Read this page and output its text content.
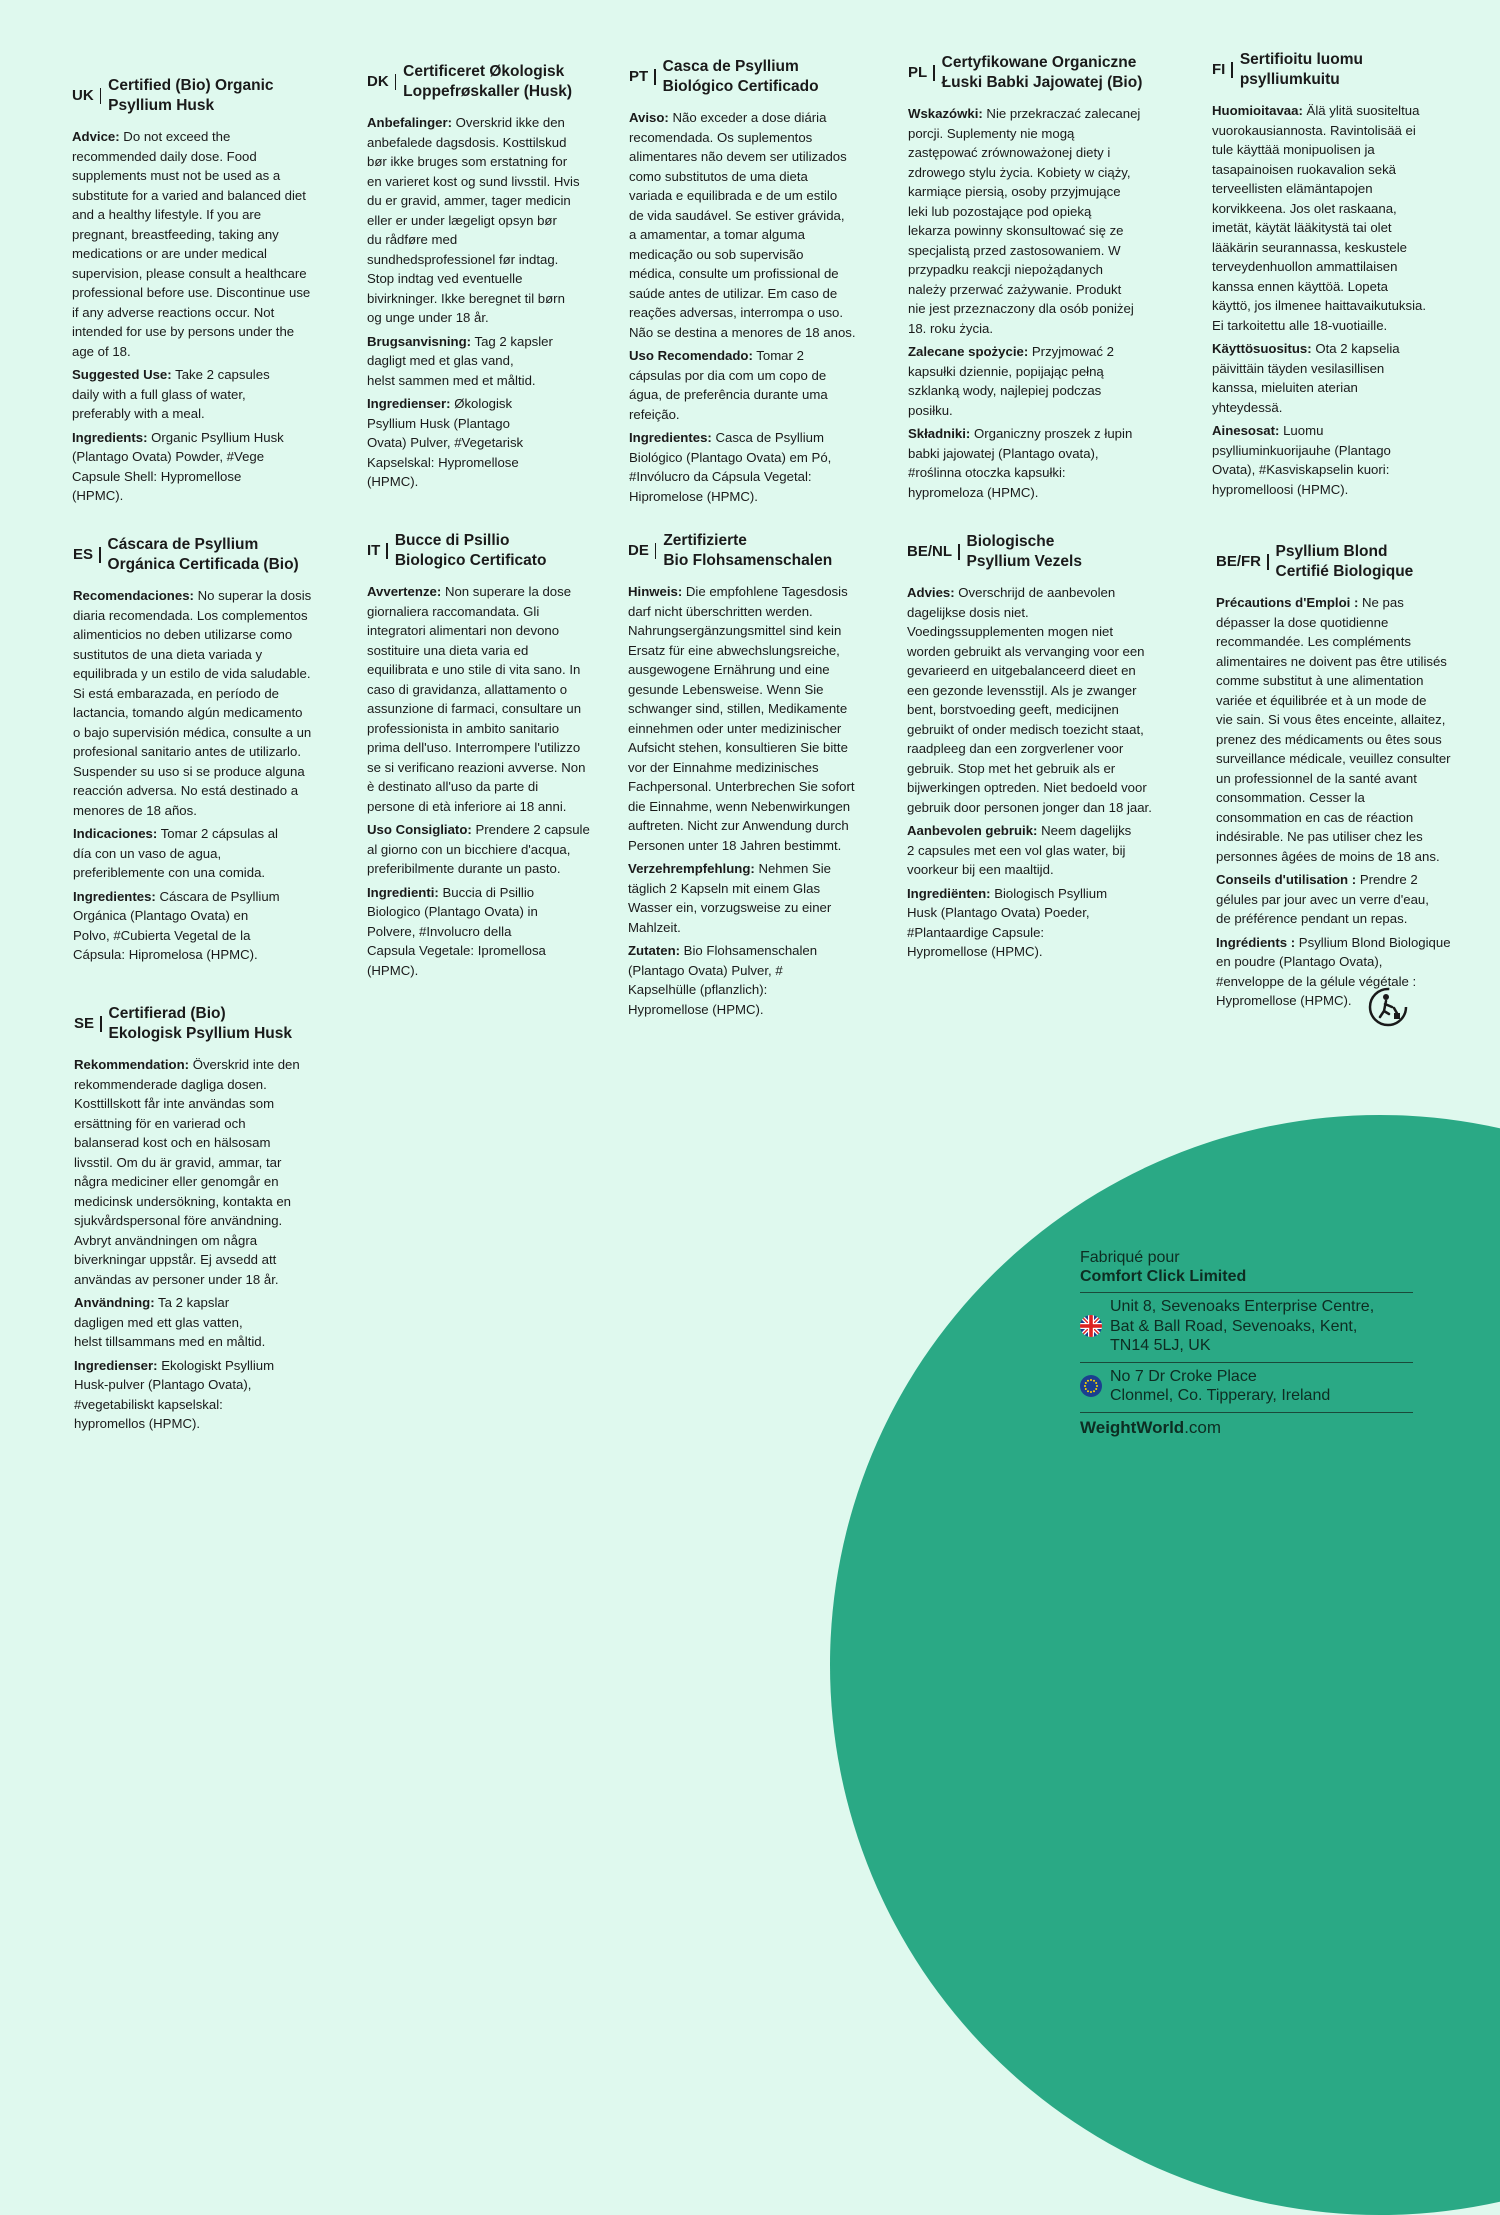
UK
Certified (Bio) Organic
Psyllium Husk
Advice: Do not exceed the
recommended daily dose. Food
supplements must not be used as a
substitute for a varied and balanced diet
and a healthy lifestyle. If you are
pregnant, breastfeeding, taking any
medications or are under medical
supervision, please consult a healthcare
professional before use. Discontinue use
if any adverse reactions occur. Not
intended for use by persons under the
age of 18.
Suggested Use: Take 2 capsules
daily with a full glass of water,
preferably with a meal.
Ingredients: Organic Psyllium Husk
(Plantago Ovata) Powder, #Vege
Capsule Shell: Hypromellose
(HPMC).
DK
Certificeret Økologisk
Loppefrøskaller (Husk)
Anbefalinger: Overskrid ikke den
anbefalede dagsdosis. Kosttilskud
bør ikke bruges som erstatning for
en varieret kost og sund livsstil. Hvis
du er gravid, ammer, tager medicin
eller er under lægeligt opsyn bør
du rådføre med
sundhedsprofessionel før indtag.
Stop indtag ved eventuelle
bivirkninger. Ikke beregnet til børn
og unge under 18 år.
Brugsanvisning: Tag 2 kapsler
dagligt med et glas vand,
helst sammen med et måltid.
Ingredienser: Økologisk
Psyllium Husk (Plantago
Ovata) Pulver, #Vegetarisk
Kapselskal: Hypromellose
(HPMC).
PT
Casca de Psyllium
Biológico Certificado
Aviso: Não exceder a dose diária
recomendada. Os suplementos
alimentares não devem ser utilizados
como substitutos de uma dieta
variada e equilibrada e de um estilo
de vida saudável. Se estiver grávida,
a amamentar, a tomar alguma
medicação ou sob supervisão
médica, consulte um profissional de
saúde antes de utilizar. Em caso de
reações adversas, interrompa o uso.
Não se destina a menores de 18 anos.
Uso Recomendado: Tomar 2
cápsulas por dia com um copo de
água, de preferência durante uma
refeição.
Ingredientes: Casca de Psyllium
Biológico (Plantago Ovata) em Pó,
#Invólucro da Cápsula Vegetal:
Hipromelose (HPMC).
PL
Certyfikowane Organiczne
Łuski Babki Jajowatej (Bio)
Wskazówki: Nie przekraczać zalecanej
porcji. Suplementy nie mogą
zastępować zrównoważonej diety i
zdrowego stylu życia. Kobiety w ciąży,
karmiące piersią, osoby przyjmujące
leki lub pozostające pod opieką
lekarza powinny skonsultować się ze
specjalistą przed zastosowaniem. W
przypadku reakcji niepożądanych
należy przerwać zażywanie. Produkt
nie jest przeznaczony dla osób poniżej
18. roku życia.
Zalecane spożycie: Przyjmować 2
kapsułki dziennie, popijając pełną
szklanką wody, najlepiej podczas
posiłku.
Składniki: Organiczny proszek z łupin
babki jajowatej (Plantago ovata),
#roślinna otoczka kapsułki:
hypromeloza (HPMC).
FI
Sertifioitu luomu
psylliumkuitu
Huomioitavaa: Älä ylitä suositeltua
vuorokausiannosta. Ravintolisää ei
tule käyttää monipuolisen ja
tasapainoisen ruokavalion sekä
terveellisten elämäntapojen
korvikkeena. Jos olet raskaana,
imetät, käytät lääkitystä tai olet
lääkärin seurannassa, keskustele
terveydenhuollon ammattilaisen
kanssa ennen käyttöä. Lopeta
käyttö, jos ilmenee haittavaikutuksia.
Ei tarkoitettu alle 18-vuotiaille.
Käyttösuositus: Ota 2 kapselia
päivittäin täyden vesilasillisen
kanssa, mieluiten aterian
yhteydessä.
Ainesosat: Luomu
psylliuminkuorijauhe (Plantago
Ovata), #Kasviskapselin kuori:
hypromelloosi (HPMC).
ES
Cáscara de Psyllium
Orgánica Certificada (Bio)
Recomendaciones: No superar la dosis
diaria recomendada. Los complementos
alimenticios no deben utilizarse como
sustitutos de una dieta variada y
equilibrada y un estilo de vida saludable.
Si está embarazada, en período de
lactancia, tomando algún medicamento
o bajo supervisión médica, consulte a un
profesional sanitario antes de utilizarlo.
Suspender su uso si se produce alguna
reacción adversa. No está destinado a
menores de 18 años.
Indicaciones: Tomar 2 cápsulas al
día con un vaso de agua,
preferiblemente con una comida.
Ingredientes: Cáscara de Psyllium
Orgánica (Plantago Ovata) en
Polvo, #Cubierta Vegetal de la
Cápsula: Hipromelosa (HPMC).
IT
Bucce di Psillio
Biologico Certificato
Avvertenze: Non superare la dose
giornaliera raccomandata. Gli
integratori alimentari non devono
sostituire una dieta varia ed
equilibrata e uno stile di vita sano. In
caso di gravidanza, allattamento o
assunzione di farmaci, consultare un
professionista in ambito sanitario
prima dell'uso. Interrompere l'utilizzo
se si verificano reazioni avverse. Non
è destinato all'uso da parte di
persone di età inferiore ai 18 anni.
Uso Consigliato: Prendere 2 capsule
al giorno con un bicchiere d'acqua,
preferibilmente durante un pasto.
Ingredienti: Buccia di Psillio
Biologico (Plantago Ovata) in
Polvere, #Involucro della
Capsula Vegetale: Ipromellosa
(HPMC).
DE
Zertifizierte
Bio Flohsamenschalen
Hinweis: Die empfohlene Tagesdosis
darf nicht überschritten werden.
Nahrungsergänzungsmittel sind kein
Ersatz für eine abwechslungsreiche,
ausgewogene Ernährung und eine
gesunde Lebensweise. Wenn Sie
schwanger sind, stillen, Medikamente
einnehmen oder unter medizinischer
Aufsicht stehen, konsultieren Sie bitte
vor der Einnahme medizinisches
Fachpersonal. Unterbrechen Sie sofort
die Einnahme, wenn Nebenwirkungen
auftreten. Nicht zur Anwendung durch
Personen unter 18 Jahren bestimmt.
Verzehrempfehlung: Nehmen Sie
täglich 2 Kapseln mit einem Glas
Wasser ein, vorzugsweise zu einer
Mahlzeit.
Zutaten: Bio Flohsamenschalen
(Plantago Ovata) Pulver, #
Kapselhülle (pflanzlich):
Hypromellose (HPMC).
BE/NL
Biologische
Psyllium Vezels
Advies: Overschrijd de aanbevolen
dagelijkse dosis niet.
Voedingssupplementen mogen niet
worden gebruikt als vervanging voor een
gevarieerd en uitgebalanceerd dieet en
een gezonde levensstijl. Als je zwanger
bent, borstvoeding geeft, medicijnen
gebruikt of onder medisch toezicht staat,
raadpleeg dan een zorgverlener voor
gebruik. Stop met het gebruik als er
bijwerkingen optreden. Niet bedoeld voor
gebruik door personen jonger dan 18 jaar.
Aanbevolen gebruik: Neem dagelijks
2 capsules met een vol glas water, bij
voorkeur bij een maaltijd.
Ingrediënten: Biologisch Psyllium
Husk (Plantago Ovata) Poeder,
#Plantaardige Capsule:
Hypromellose (HPMC).
BE/FR
Psyllium Blond
Certifié Biologique
Précautions d'Emploi : Ne pas
dépasser la dose quotidienne
recommandée. Les compléments
alimentaires ne doivent pas être utilisés
comme substitut à une alimentation
variée et équilibrée et à un mode de
vie sain. Si vous êtes enceinte, allaitez,
prenez des médicaments ou êtes sous
surveillance médicale, veuillez consulter
un professionnel de la santé avant
consommation. Cesser la
consommation en cas de réaction
indésirable. Ne pas utiliser chez les
personnes âgées de moins de 18 ans.
Conseils d'utilisation : Prendre 2
gélules par jour avec un verre d'eau,
de préférence pendant un repas.
Ingrédients : Psyllium Blond Biologique
en poudre (Plantago Ovata),
#enveloppe de la gélule végétale :
Hypromellose (HPMC).
SE
Certifierad (Bio)
Ekologisk Psyllium Husk
Rekommendation: Överskrid inte den
rekommenderade dagliga dosen.
Kosttillskott får inte användas som
ersättning för en varierad och
balanserad kost och en hälsosam
livsstil. Om du är gravid, ammar, tar
några mediciner eller genomgår en
medicinsk undersökning, kontakta en
sjukvårdspersonal före användning.
Avbryt användningen om några
biverkningar uppstår. Ej avsedd att
användas av personer under 18 år.
Användning: Ta 2 kapslar
dagligen med ett glas vatten,
helst tillsammans med en måltid.
Ingredienser: Ekologiskt Psyllium
Husk-pulver (Plantago Ovata),
#vegetabiliskt kapselskal:
hypromellos (HPMC).
Fabriqué pour
Comfort Click Limited
Unit 8, Sevenoaks Enterprise Centre,
Bat & Ball Road, Sevenoaks, Kent,
TN14 5LJ, UK
No 7 Dr Croke Place
Clonmel, Co. Tipperary, Ireland
WeightWorld .com
